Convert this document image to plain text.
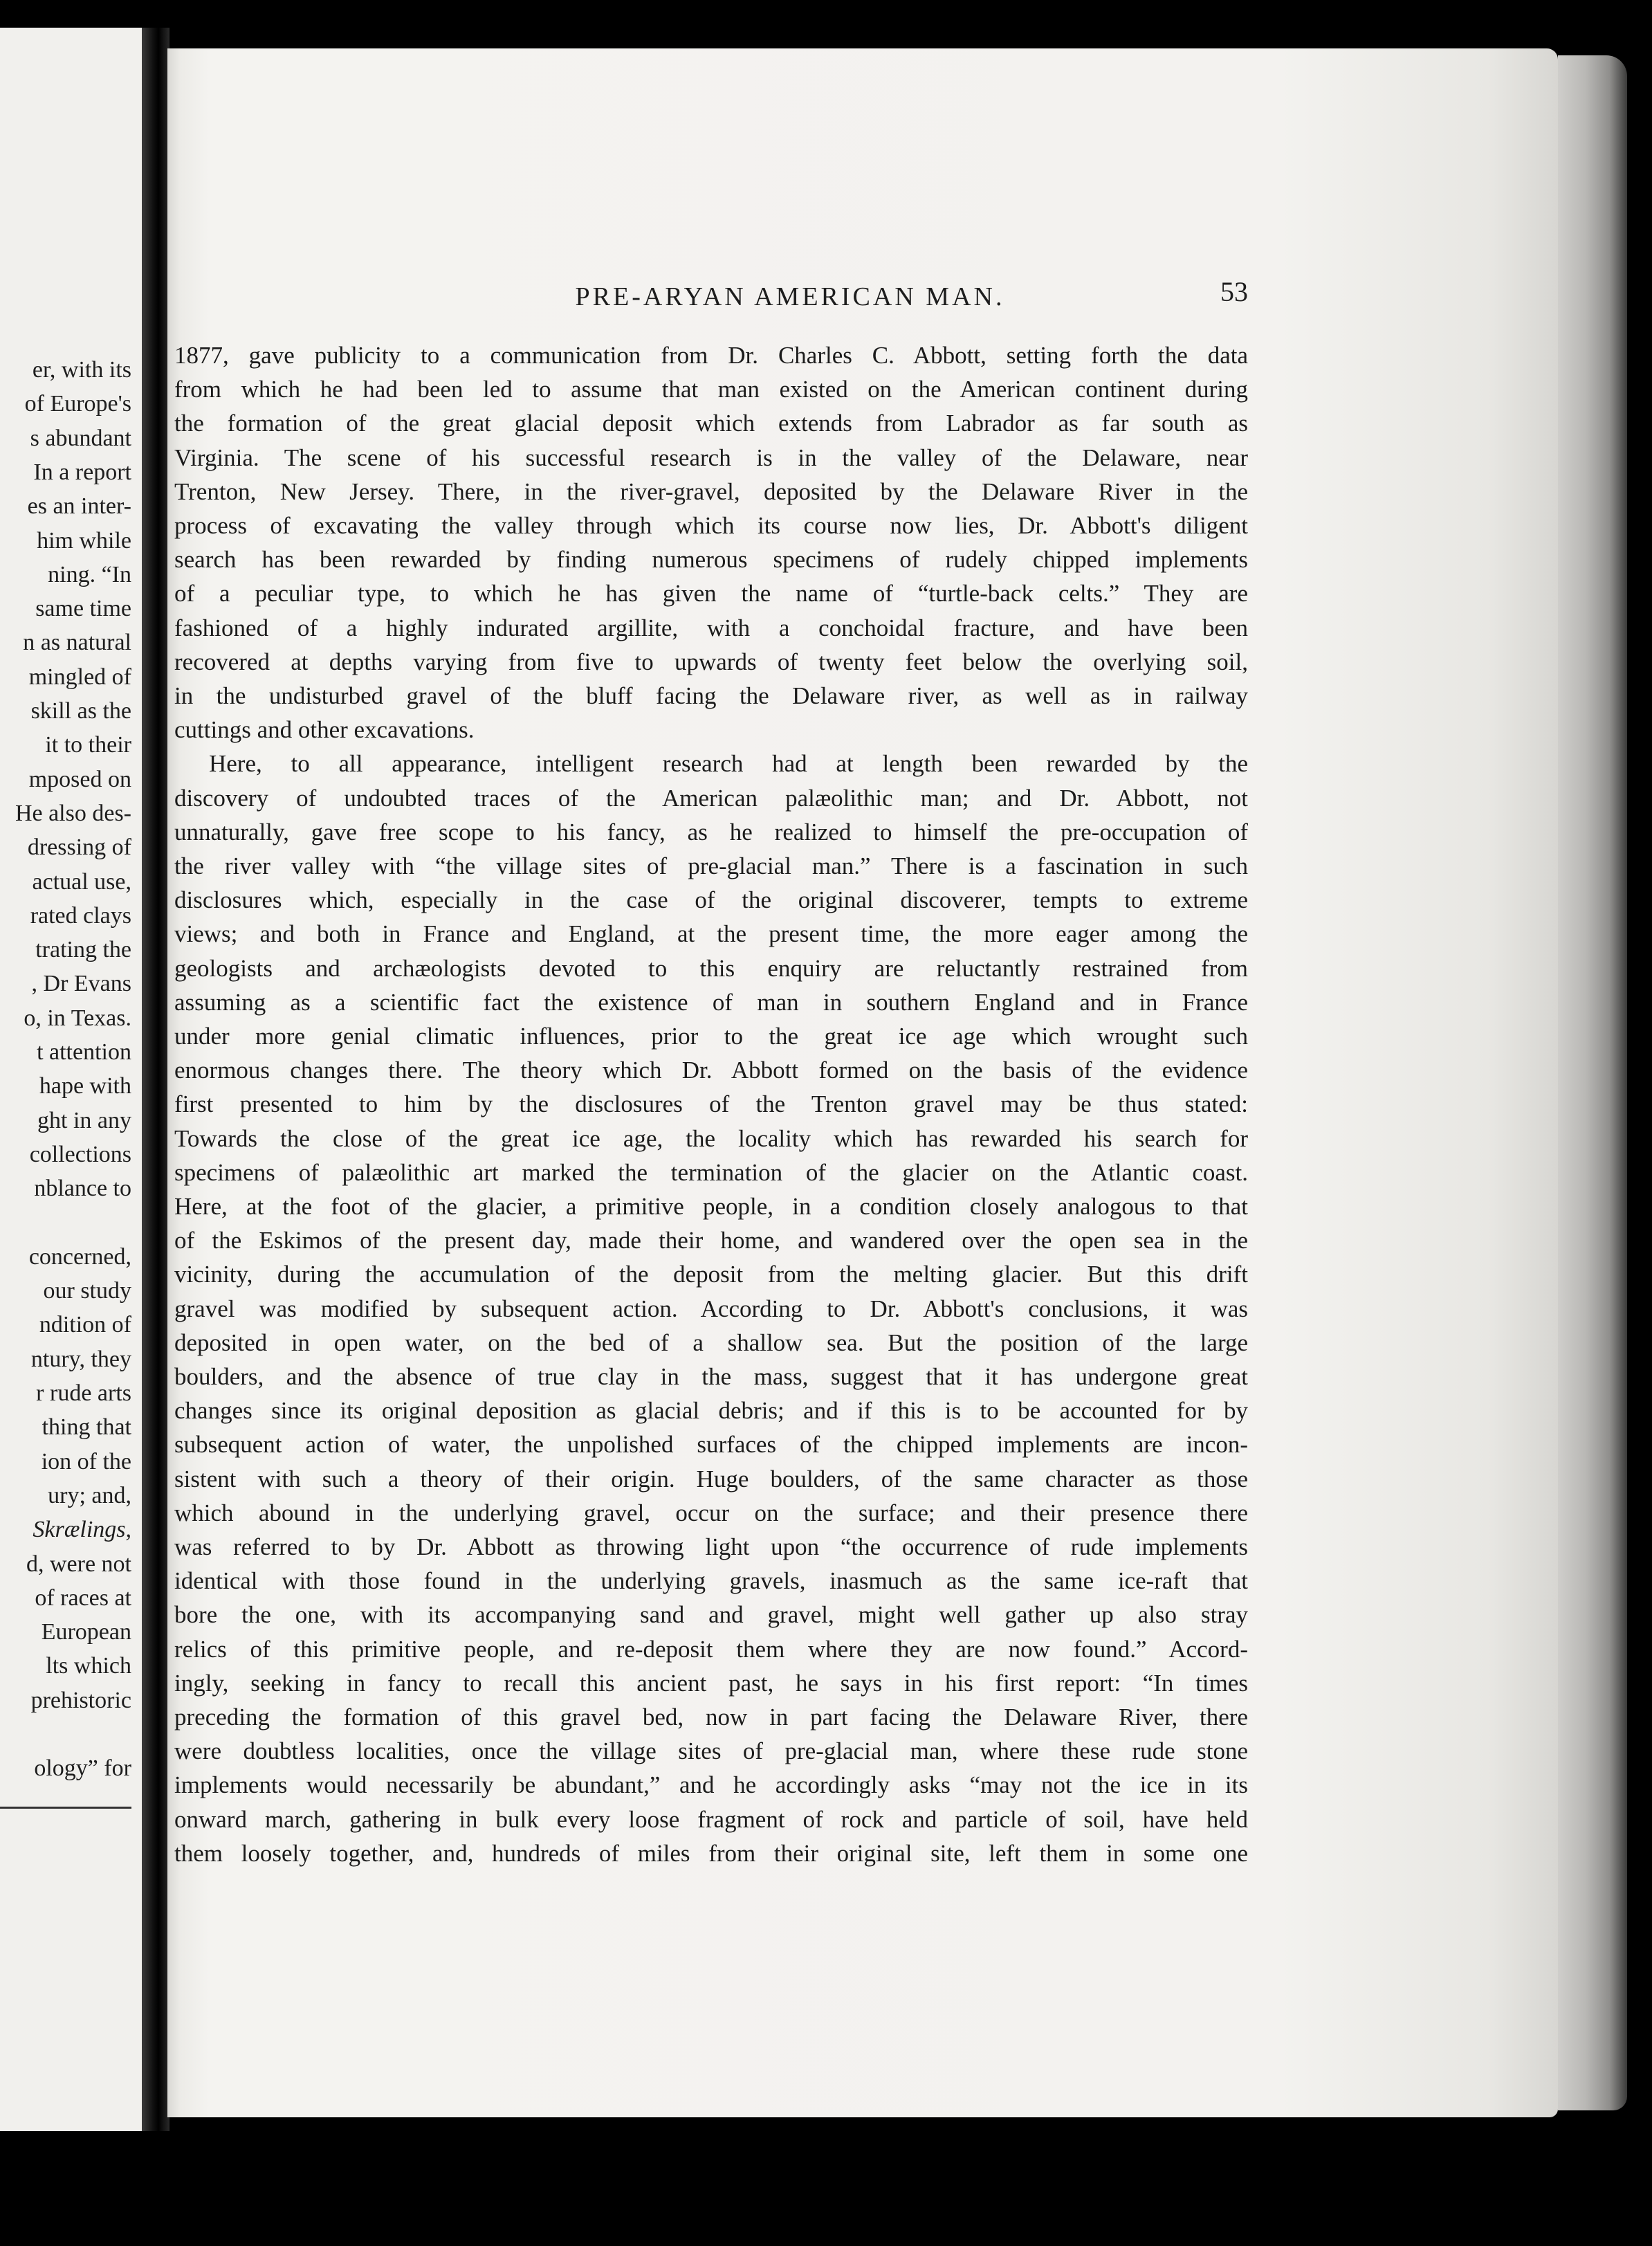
er, with its
of Europe's
s abundant
In a report
es an inter-
him while
ning. “In
same time
n as natural
mingled of
skill as the
it to their
mposed on
He also des-
dressing of
actual use,
rated clays
trating the
, Dr Evans
o, in Texas.
t attention
hape with
ght in any
collections
nblance to
concerned,
our study
ndition of
ntury, they
r rude arts
thing that
ion of the
ury; and,
Skrælings,
d, were not
of races at
European
lts which
prehistoric
ology” for
PRE-ARYAN AMERICAN MAN.	53
1877, gave publicity to a communication from Dr. Charles C. Abbott, setting forth the data
from which he had been led to assume that man existed on the American continent during
the formation of the great glacial deposit which extends from Labrador as far south as
Virginia. The scene of his successful research is in the valley of the Delaware, near
Trenton, New Jersey. There, in the river-gravel, deposited by the Delaware River in the
process of excavating the valley through which its course now lies, Dr. Abbott's diligent
search has been rewarded by finding numerous specimens of rudely chipped implements
of a peculiar type, to which he has given the name of “turtle-back celts.” They are
fashioned of a highly indurated argillite, with a conchoidal fracture, and have been
recovered at depths varying from five to upwards of twenty feet below the overlying soil,
in the undisturbed gravel of the bluff facing the Delaware river, as well as in railway
cuttings and other excavations.
Here, to all appearance, intelligent research had at length been rewarded by the
discovery of undoubted traces of the American palæolithic man; and Dr. Abbott, not
unnaturally, gave free scope to his fancy, as he realized to himself the pre-occupation of
the river valley with “the village sites of pre-glacial man.” There is a fascination in such
disclosures which, especially in the case of the original discoverer, tempts to extreme
views; and both in France and England, at the present time, the more eager among the
geologists and archæologists devoted to this enquiry are reluctantly restrained from
assuming as a scientific fact the existence of man in southern England and in France
under more genial climatic influences, prior to the great ice age which wrought such
enormous changes there. The theory which Dr. Abbott formed on the basis of the evidence
first presented to him by the disclosures of the Trenton gravel may be thus stated:
Towards the close of the great ice age, the locality which has rewarded his search for
specimens of palæolithic art marked the termination of the glacier on the Atlantic coast.
Here, at the foot of the glacier, a primitive people, in a condition closely analogous to that
of the Eskimos of the present day, made their home, and wandered over the open sea in the
vicinity, during the accumulation of the deposit from the melting glacier. But this drift
gravel was modified by subsequent action. According to Dr. Abbott's conclusions, it was
deposited in open water, on the bed of a shallow sea. But the position of the large
boulders, and the absence of true clay in the mass, suggest that it has undergone great
changes since its original deposition as glacial debris; and if this is to be accounted for by
subsequent action of water, the unpolished surfaces of the chipped implements are incon-
sistent with such a theory of their origin. Huge boulders, of the same character as those
which abound in the underlying gravel, occur on the surface; and their presence there
was referred to by Dr. Abbott as throwing light upon “the occurrence of rude implements
identical with those found in the underlying gravels, inasmuch as the same ice-raft that
bore the one, with its accompanying sand and gravel, might well gather up also stray
relics of this primitive people, and re-deposit them where they are now found.” Accord-
ingly, seeking in fancy to recall this ancient past, he says in his first report: “In times
preceding the formation of this gravel bed, now in part facing the Delaware River, there
were doubtless localities, once the village sites of pre-glacial man, where these rude stone
implements would necessarily be abundant,” and he accordingly asks “may not the ice in its
onward march, gathering in bulk every loose fragment of rock and particle of soil, have held
them loosely together, and, hundreds of miles from their original site, left them in some one
